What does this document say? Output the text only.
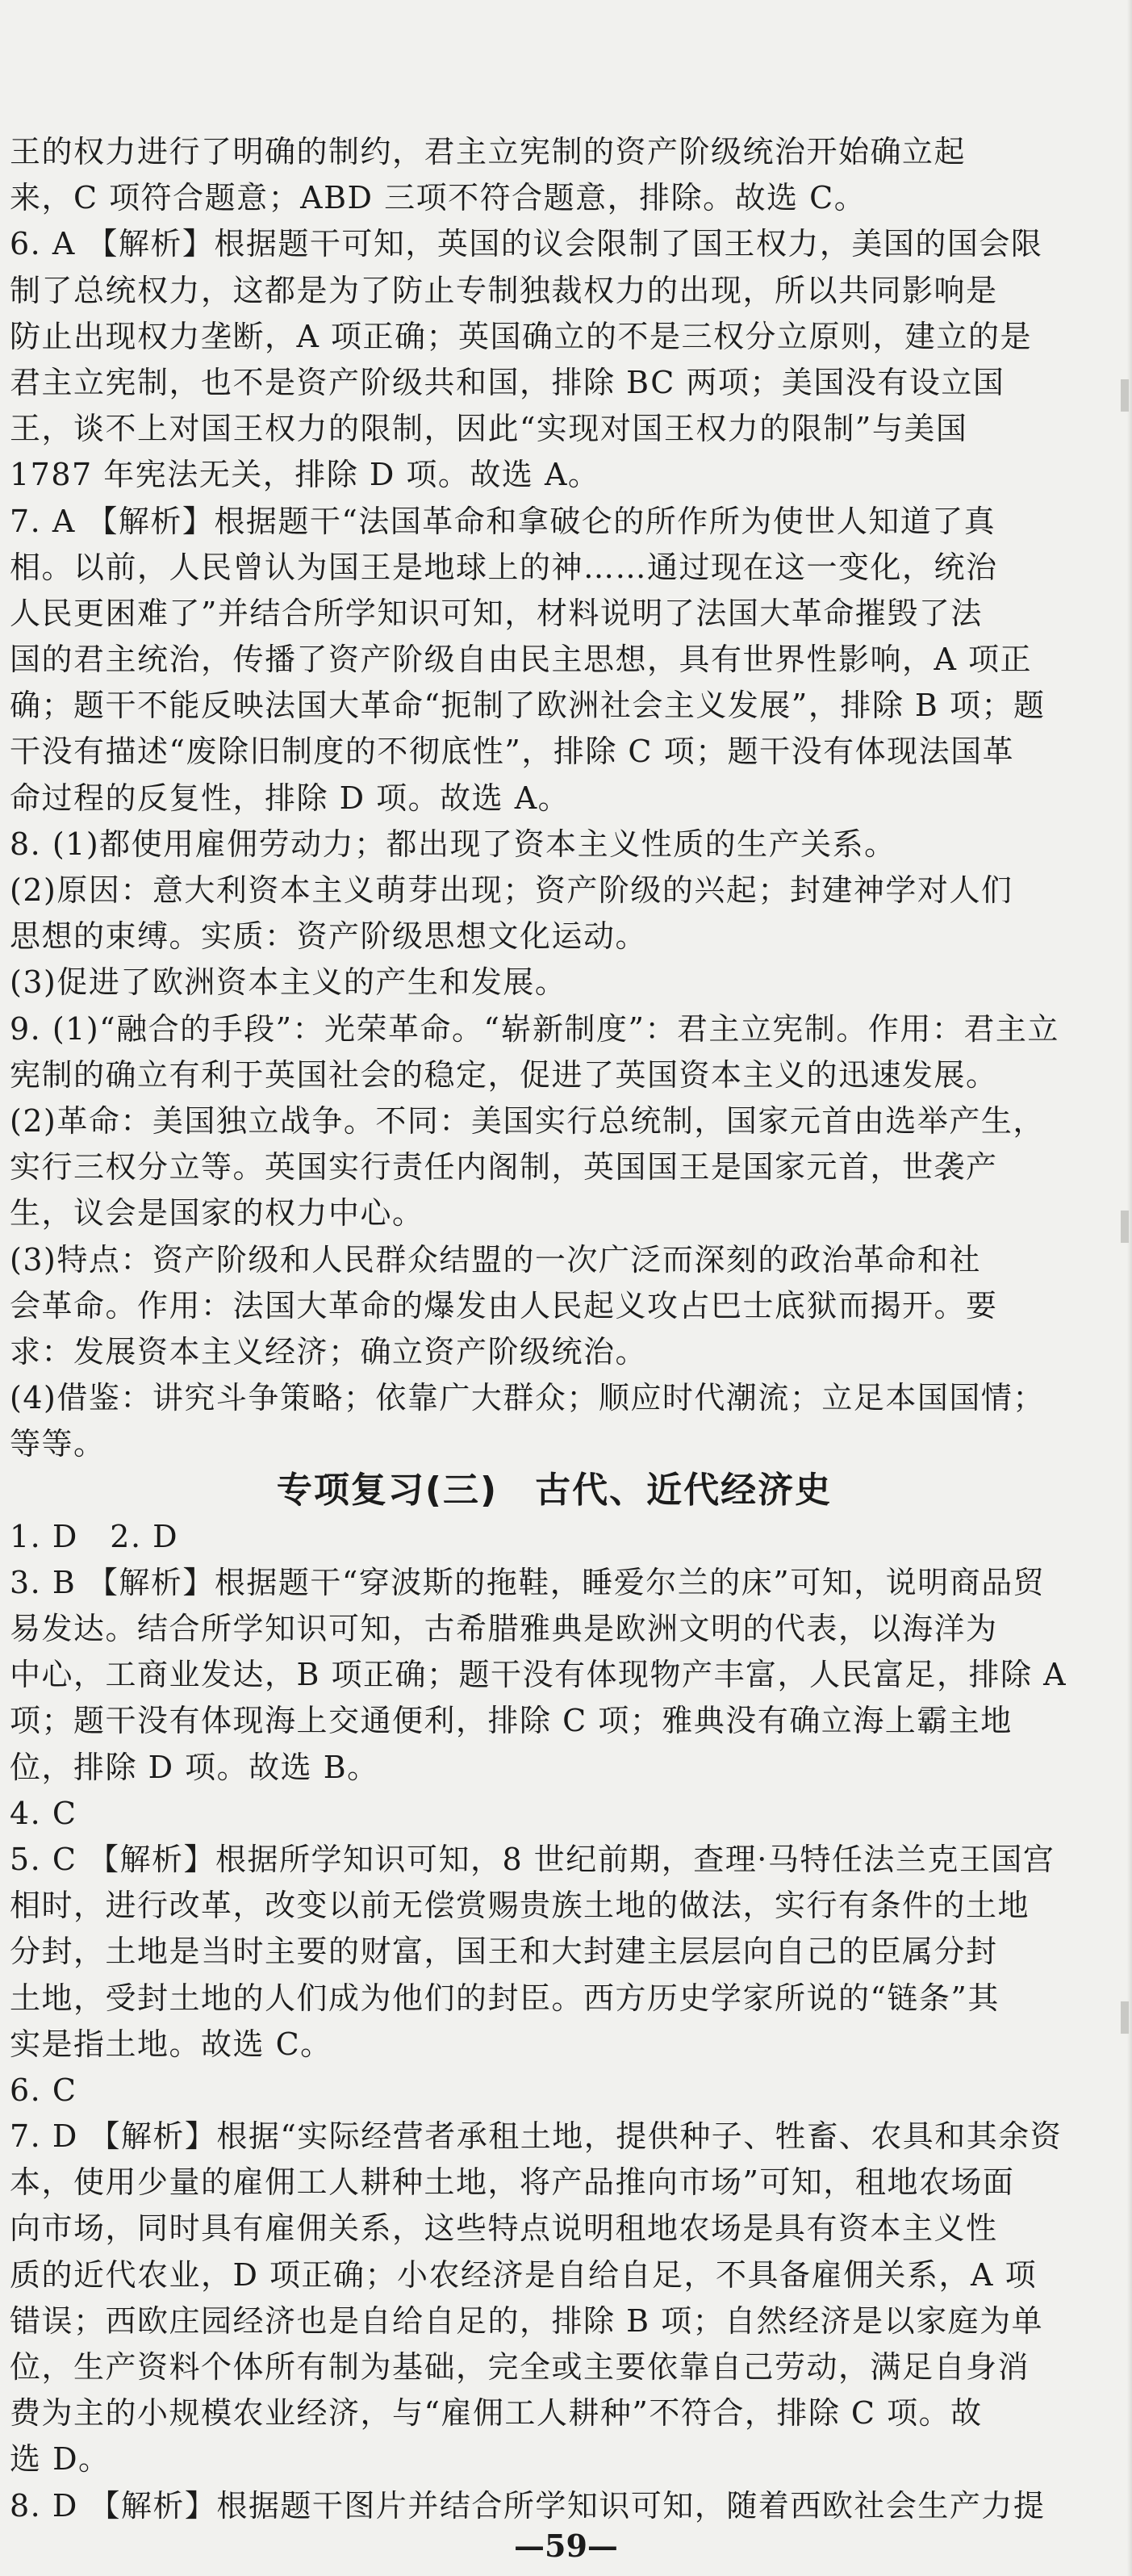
王的权力进行了明确的制约，君主立宪制的资产阶级统治开始确立起
来，C 项符合题意；ABD 三项不符合题意，排除。故选 C。
6. A 【解析】根据题干可知，英国的议会限制了国王权力，美国的国会限
制了总统权力，这都是为了防止专制独裁权力的出现，所以共同影响是
防止出现权力垄断，A 项正确；英国确立的不是三权分立原则，建立的是
君主立宪制，也不是资产阶级共和国，排除 BC 两项；美国没有设立国
王，谈不上对国王权力的限制，因此“实现对国王权力的限制”与美国
1787 年宪法无关，排除 D 项。故选 A。
7. A 【解析】根据题干“法国革命和拿破仑的所作所为使世人知道了真
相。以前，人民曾认为国王是地球上的神……通过现在这一变化，统治
人民更困难了”并结合所学知识可知，材料说明了法国大革命摧毁了法
国的君主统治，传播了资产阶级自由民主思想，具有世界性影响，A 项正
确；题干不能反映法国大革命“扼制了欧洲社会主义发展”，排除 B 项；题
干没有描述“废除旧制度的不彻底性”，排除 C 项；题干没有体现法国革
命过程的反复性，排除 D 项。故选 A。
8. (1)都使用雇佣劳动力；都出现了资本主义性质的生产关系。
(2)原因：意大利资本主义萌芽出现；资产阶级的兴起；封建神学对人们
思想的束缚。实质：资产阶级思想文化运动。
(3)促进了欧洲资本主义的产生和发展。
9. (1)“融合的手段”：光荣革命。“崭新制度”：君主立宪制。作用：君主立
宪制的确立有利于英国社会的稳定，促进了英国资本主义的迅速发展。
(2)革命：美国独立战争。不同：美国实行总统制，国家元首由选举产生，
实行三权分立等。英国实行责任内阁制，英国国王是国家元首，世袭产
生，议会是国家的权力中心。
(3)特点：资产阶级和人民群众结盟的一次广泛而深刻的政治革命和社
会革命。作用：法国大革命的爆发由人民起义攻占巴士底狱而揭开。要
求：发展资本主义经济；确立资产阶级统治。
(4)借鉴：讲究斗争策略；依靠广大群众；顺应时代潮流；立足本国国情；
等等。
专项复习(三)　古代、近代经济史
1. D　2. D
3. B 【解析】根据题干“穿波斯的拖鞋，睡爱尔兰的床”可知，说明商品贸
易发达。结合所学知识可知，古希腊雅典是欧洲文明的代表，以海洋为
中心，工商业发达，B 项正确；题干没有体现物产丰富，人民富足，排除 A
项；题干没有体现海上交通便利，排除 C 项；雅典没有确立海上霸主地
位，排除 D 项。故选 B。
4. C
5. C 【解析】根据所学知识可知，8 世纪前期，查理·马特任法兰克王国宫
相时，进行改革，改变以前无偿赏赐贵族土地的做法，实行有条件的土地
分封，土地是当时主要的财富，国王和大封建主层层向自己的臣属分封
土地，受封土地的人们成为他们的封臣。西方历史学家所说的“链条”其
实是指土地。故选 C。
6. C
7. D 【解析】根据“实际经营者承租土地，提供种子、牲畜、农具和其余资
本，使用少量的雇佣工人耕种土地，将产品推向市场”可知，租地农场面
向市场，同时具有雇佣关系，这些特点说明租地农场是具有资本主义性
质的近代农业，D 项正确；小农经济是自给自足，不具备雇佣关系，A 项
错误；西欧庄园经济也是自给自足的，排除 B 项；自然经济是以家庭为单
位，生产资料个体所有制为基础，完全或主要依靠自己劳动，满足自身消
费为主的小规模农业经济，与“雇佣工人耕种”不符合，排除 C 项。故
选 D。
8. D 【解析】根据题干图片并结合所学知识可知，随着西欧社会生产力提
—59—
